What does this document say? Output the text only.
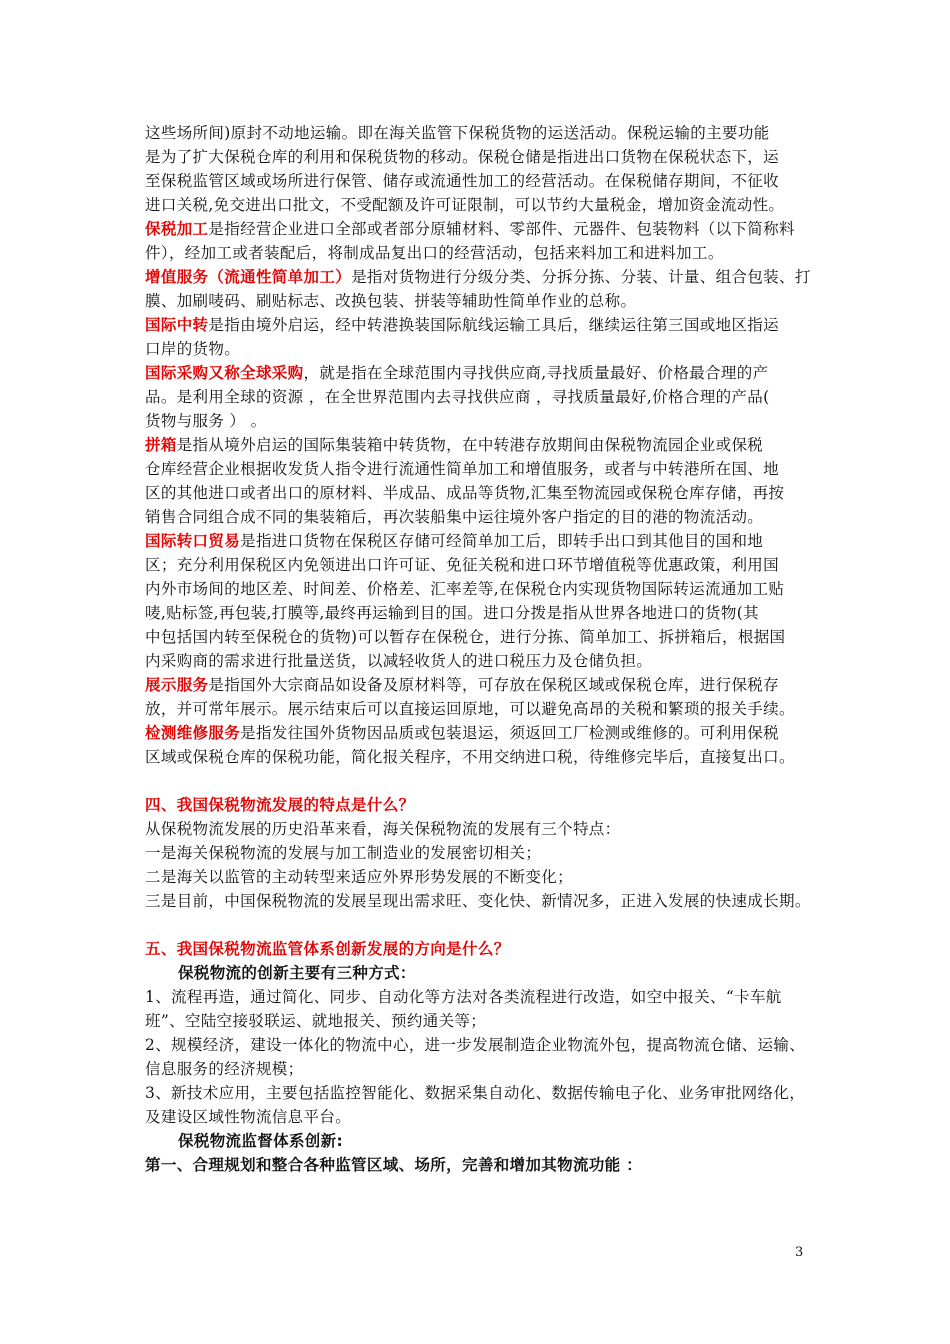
这些场所间)原封不动地运输。即在海关监管下保税货物的运送活动。保税运输的主要功能
是为了扩大保税仓库的利用和保税货物的移动。保税仓储是指进出口货物在保税状态下，运
至保税监管区域或场所进行保管、储存或流通性加工的经营活动。在保税储存期间，不征收
进口关税,免交进出口批文，不受配额及许可证限制，可以节约大量税金，增加资金流动性。
保税加工是指经营企业进口全部或者部分原辅材料、零部件、元器件、包装物料（以下简称料
件），经加工或者装配后，将制成品复出口的经营活动，包括来料加工和进料加工。
增值服务（流通性简单加工）是指对货物进行分级分类、分拆分拣、分装、计量、组合包装、打
膜、加刷唛码、刷贴标志、改换包装、拼装等辅助性简单作业的总称。
国际中转是指由境外启运，经中转港换装国际航线运输工具后，继续运往第三国或地区指运
口岸的货物。
国际采购又称全球采购，就是指在全球范围内寻找供应商,寻找质量最好、价格最合理的产
品。是利用全球的资源 ，在全世界范围内去寻找供应商 ，寻找质量最好,价格合理的产品(
货物与服务 ） 。
拼箱是指从境外启运的国际集装箱中转货物，在中转港存放期间由保税物流园企业或保税
仓库经营企业根据收发货人指令进行流通性简单加工和增值服务，或者与中转港所在国、地
区的其他进口或者出口的原材料、半成品、成品等货物,汇集至物流园或保税仓库存储，再按
销售合同组合成不同的集装箱后，再次装船集中运往境外客户指定的目的港的物流活动。
国际转口贸易是指进口货物在保税区存储可经简单加工后，即转手出口到其他目的国和地
区；充分利用保税区内免领进出口许可证、免征关税和进口环节增值税等优惠政策，利用国
内外市场间的地区差、时间差、价格差、汇率差等,在保税仓内实现货物国际转运流通加工贴
唛,贴标签,再包装,打膜等,最终再运输到目的国。进口分拨是指从世界各地进口的货物(其
中包括国内转至保税仓的货物)可以暂存在保税仓，进行分拣、简单加工、拆拼箱后，根据国
内采购商的需求进行批量送货，以减轻收货人的进口税压力及仓储负担。
展示服务是指国外大宗商品如设备及原材料等，可存放在保税区域或保税仓库，进行保税存
放，并可常年展示。展示结束后可以直接运回原地，可以避免高昂的关税和繁琐的报关手续。
检测维修服务是指发往国外货物因品质或包装退运，须返回工厂检测或维修的。可利用保税
区域或保税仓库的保税功能，简化报关程序，不用交纳进口税，待维修完毕后，直接复出口。
四、我国保税物流发展的特点是什么？
从保税物流发展的历史沿革来看，海关保税物流的发展有三个特点：
一是海关保税物流的发展与加工制造业的发展密切相关；
二是海关以监管的主动转型来适应外界形势发展的不断变化；
三是目前，中国保税物流的发展呈现出需求旺、变化快、新情况多，正进入发展的快速成长期。
五、我国保税物流监管体系创新发展的方向是什么？
保税物流的创新主要有三种方式：
1、流程再造，通过简化、同步、自动化等方法对各类流程进行改造，如空中报关、“卡车航
班”、空陆空接驳联运、就地报关、预约通关等；
2、规模经济，建设一体化的物流中心，进一步发展制造企业物流外包，提高物流仓储、运输、
信息服务的经济规模；
3、新技术应用，主要包括监控智能化、数据采集自动化、数据传输电子化、业务审批网络化，
及建设区域性物流信息平台。
保税物流监督体系创新:
第一、合理规划和整合各种监管区域、场所，完善和增加其物流功能 ：
3
